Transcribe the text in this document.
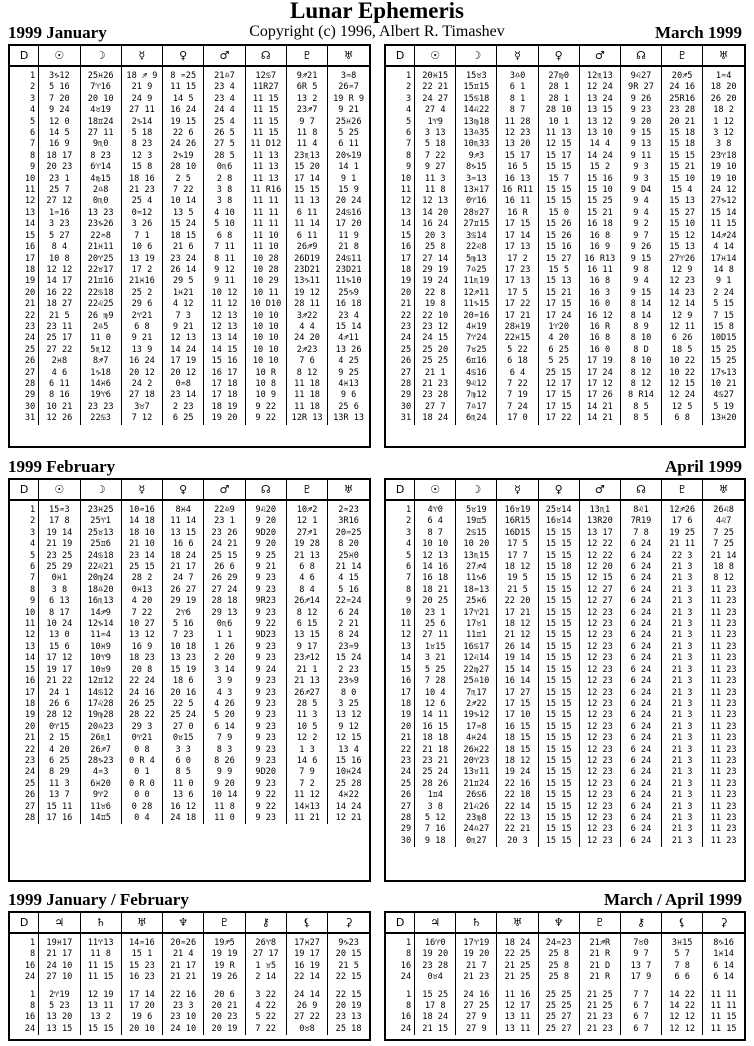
Lunar Ephemeris
Copyright (c) 1996, Albert R. Timashev
1999 January	March 1999
1999 February	April 1999
1999 January / February	March / April 1999
D	☉	☽	☿	♀	♂	☊	♇	♅
1	3♑12	25♓26	18 ♐ 9	8 ♒25	21♎7	12♋7	9♐21	3♒8
2	5 16	7♈16	21 9	11 15	23 4	11R27	6R 5	26♒7
3	7 20	20 10	24 9	14 5	23 4	11 15	13 2	19 R 9
4	9 24	4♉19	27 11	16 24	24 4	11 15	23♐7	9 21
5	12 0	18♊24	2♑14	19 15	25 4	11 15	9 7	25♓26
6	14 5	27 11	5 18	22 6	26 5	11 15	11 8	5 25
7	16 9	9♏0	8 23	24 26	27 5	11 D12	11 4	6 11
8	18 17	8 23	12 3	2♑19	28 5	11 13	23♏13	20♑19
9	20 23	6♈14	15 8	28 10	0♏6	11 13	15 20	14 1
10	23 1	4♍15	18 16	2 5	2 8	11 13	17 14	9 1
11	25 7	2♎8	21 23	7 22	3 8	11 R16	15 15	15 9
12	27 12	0♏0	25 4	10 14	3 8	11 11	11 13	20 24
13	1♒16	13 23	0♒12	13 5	4 10	11 11	6 11	24♋16
14	3 23	23♑26	3 26	15 24	5 10	11 11	11 14	17 20
15	5 27	22♒8	7 1	18 15	6 8	11 10	6 11	11 9
16	8 4	21♓11	10 6	21 6	7 11	11 10	26♐9	21 8
17	10 8	20♈25	13 19	23 24	8 11	10 28	26D19	24♋11
18	12 12	22♉17	17 2	26 14	9 12	10 28	23D21	23D21
19	14 17	21♊16	21♓16	29 5	9 11	10 29	13♑11	11♑10
20	16 22	22♋18	25 2	1♓21	10 12	10 11	19 12	25♑9
21	18 27	22♌25	29 6	4 12	11 12	10 D10	28 11	16 18
22	21 5	26 ♍9	2♈21	7 3	12 13	10 10	3♐22	23 4
23	23 11	2♎5	6 8	9 21	12 13	10 10	4 4	15 14
24	25 17	11 0	9 21	12 13	13 14	10 10	24 20	4♐11
25	27 22	5♏12	13 9	14 24	14 15	10 10	2♐23	13 26
26	2♓8	8♐7	16 24	17 19	15 16	10 10	7 6	4 25
27	4 6	1♑18	20 12	20 12	16 17	10 R	8 12	9 25
28	6 11	14♓6	24 2	0♒8	17 18	10 8	11 18	4♓13
29	8 16	19♈6	27 18	23 14	17 18	10 9	11 18	9 6
30	10 21	23 23	3♉7	2 23	18 19	9 22	11 18	25 6
31	12 26	22♋3	7 12	6 25	19 20	9 22	12R 13	13R 13
D	☉	☽	☿	♀	♂	☊	♇	♅
1	20♓15	15♉3	3♎0	27♍0	12♏13	9♌27	20♐5	1♒4
2	22 21	15♊15	6 1	28 1	12 24	9R 27	24 16	18 20
3	24 27	15♋18	8 1	28 1	13 24	9 26	25R16	26 20
4	27 4	14♌22	8 7	28 10	13 15	9 23	23 28	18 2
5	1♈9	13♍18	11 28	10 1	13 12	9 20	20 21	1 12
6	3 13	13♎35	12 23	11 13	13 10	9 15	15 18	3 12
7	5 18	10♏33	13 20	12 15	14 4	9 13	15 18	3 8
8	7 22	9♐3	15 17	15 17	14 24	9 11	15 15	23♈18
9	9 27	8♑15	16 5	15 15	15 2	9 3	15 21	19 10
10	11 3	3♒13	16 13	15 7	15 16	9 3	15 10	19 10
11	11 8	13♓17	16 R11	15 15	15 10	9 D4	15 4	24 12
12	12 13	0♈16	16 11	15 15	15 25	9 4	15 13	27♑12
13	14 20	28♉27	16 R	15 0	15 21	9 4	15 27	15 14
14	16 24	27♊15	17 15	15 26	16 18	9 2	15 10	11 15
15	20 3	3♋14	17 14	15 26	16 8	9 7	15 12	14♐24
16	25 8	22♌8	17 13	15 16	16 9	9 26	15 13	4 14
17	27 14	5♍13	17 2	15 27	16 R13	9 15	27♈26	17♓14
18	29 19	7♎25	17 23	15 5	16 11	9 8	12 9	14 8
19	19 24	11♏19	17 13	15 13	16 8	9 4	12 23	9 1
20	22 8	12♐11	17 5	15 21	16 3	9 15	14 23	2 24
21	19 8	11♑15	17 22	17 15	16 0	8 14	12 14	5 15
22	22 10	20♒16	17 21	17 24	16 12	8 14	12 9	7 15
23	23 12	4♓19	28♓19	1♈20	16 R	8 9	12 11	15 8
24	24 15	7♈24	22♓15	4 20	16 8	8 10	6 26	10D15
25	25 20	7♉25	5 22	6 25	16 0	8 D	18 5	15 25
26	25 25	6♊16	6 18	5 25	17 19	8 10	10 22	15 25
27	21 1	4♋16	6 4	25 15	17 24	8 12	10 22	17♑13
28	21 23	9♌12	7 22	12 17	17 12	8 12	12 15	10 21
29	23 28	7♍12	7 19	17 15	17 26	8 R14	12 24	4♋27
30	27 7	7♎17	7 24	17 15	14 21	8 5	12 5	5 19
31	18 24	6♏24	17 0	17 22	14 21	8 5	6 8	13♓20
D	☉	☽	☿	♀	♂	☊	♇	♅
1	15♒3	23♓25	10♒16	8♓4	22♎9	9♌20	10♐2	2♒23
2	17 8	25♈1	14 18	11 14	23 1	9 20	12 1	3R16
3	19 14	25♉13	18 10	13 15	23 26	9D20	27♐1	20♒25
4	21 19	25♊6	21 10	16 6	24 21	9 20	19 28	8 20
5	23 25	24♋18	23 14	18 24	25 15	9 25	21 13	25♓0
6	25 29	22♌21	25 15	21 17	26 6	9 21	6 8	21 14
7	0♓1	20♍24	28 2	24 7	26 29	9 23	4 6	4 15
8	3 8	18♎20	0♓13	26 27	27 24	9 23	8 4	5 16
9	6 13	16♏13	4 20	29 19	28 18	9R23	26♐14	22♒24
10	8 17	14♐9	7 22	2♈6	29 13	9 23	8 12	6 24
11	10 24	12♑14	10 27	5 16	0♏6	9 22	6 15	2 21
12	13 0	11♒4	13 12	7 23	1 1	9D23	13 15	8 24
13	15 6	10♓9	16 9	10 18	1 26	9 23	9 17	23♒9
14	17 12	10♈9	18 23	13 23	2 20	9 23	23♐12	15 24
15	19 17	10♉9	20 8	15 19	3 14	9 24	21 1	2 23
16	21 22	12♊12	22 24	18 6	3 9	9 23	21 13	23♑9
17	24 1	14♋12	24 16	20 16	4 3	9 23	26♐27	8 0
18	26 6	17♌28	26 25	22 5	4 26	9 23	28 5	3 25
19	28 12	19♍28	28 22	25 24	5 20	9 23	11 3	13 12
20	0♈15	20♎23	29 3	27 0	6 14	9 23	10 5	9 12
21	2 15	26♏1	0♈21	0♉15	7 9	9 23	12 2	12 15
22	4 20	26♐7	0 8	3 3	8 3	9 23	1 3	13 4
23	6 25	28♑23	0 R 4	6 0	8 26	9 23	14 6	15 16
24	8 29	4♒3	0 1	8 5	9 9	9D20	7 9	10♓24
25	11 3	6♓20	0 R 0	11 0	9 20	9 23	7 2	25 28
26	13 7	9♈2	0 0	13 6	10 14	9 22	11 12	4♓22
27	15 11	11♉6	0 28	16 12	11 8	9 22	14♓13	14 24
28	17 16	14♊5	0 4	24 18	11 0	9 23	11 21	12 21
D	☉	☽	☿	♀	♂	☊	♇	♅
1	4♈0	5♉19	16♉19	25♉14	13♏1	8♌1	12♐26	26♌8
2	6 4	19♊5	16R15	16♉14	13R20	7R19	17 6	4♌7
3	8 7	2♋15	16D15	15 15	13 17	7 8	19 25	7 25
4	10 10	10 20	17 5	15 15	12 22	6 24	21 11	7 25
5	12 13	13♏15	17 7	15 15	12 22	6 24	22 3	21 14
6	14 16	27♐4	18 12	15 18	12 20	6 24	21 3	18 8
7	16 18	11♑6	19 5	15 15	12 15	6 24	21 3	8 12
8	18 21	18♒13	21 5	15 15	12 27	6 24	21 3	11 23
9	20 25	25♓6	22 20	15 15	12 27	6 24	21 3	11 23
10	23 1	17♈21	17 21	15 15	12 23	6 24	21 3	11 23
11	25 6	17♉1	18 12	15 15	12 23	6 24	21 3	11 23
12	27 11	11♊1	21 12	15 15	12 23	6 24	21 3	11 23
13	1♉15	16♋17	26 14	15 15	12 23	6 24	21 3	11 23
14	3 21	12♌14	19 14	15 15	12 23	6 24	21 3	11 23
15	5 25	22♍27	15 14	15 15	12 23	6 24	21 3	11 23
16	7 28	25♎10	16 14	15 15	12 23	6 24	21 3	11 23
17	10 4	7♏17	17 27	15 15	12 23	6 24	21 3	11 23
18	12 6	2♐22	17 15	15 15	12 23	6 24	21 3	11 23
19	14 11	19♑12	17 10	15 15	12 23	6 24	21 3	11 23
20	16 15	17♒8	16 15	15 15	12 23	6 24	21 3	11 23
21	18 18	4♓24	18 15	15 15	12 23	6 24	21 3	11 23
22	21 18	26♓22	18 15	15 15	12 23	6 24	21 3	11 23
23	23 21	20♈23	18 12	15 15	12 23	6 24	21 3	11 23
24	25 24	13♉11	19 24	15 15	12 23	6 24	21 3	11 23
25	28 26	21♊24	22 16	15 15	12 23	6 24	21 3	11 23
26	1♊4	26♋6	22 18	15 15	12 23	6 24	21 3	11 23
27	3 8	21♌26	22 14	15 15	12 23	6 24	21 3	11 23
28	5 12	23♍8	22 13	15 15	12 23	6 24	21 3	11 23
29	7 16	24♎27	22 21	15 15	12 23	6 24	21 3	11 23
30	9 18	0♏27	20 3	15 15	12 23	6 24	21 3	11 23
D	♃	♄	♅	♆	♇	⚷	⚸	⚳
1	19♓17	11♈13	14♒16	20♒26	19♐5	26♈8	17♓27	9♑23
8	21 17	11 8	15 1	21 4	19 19	27 17	19 17	20 15
16	24 10	11 15	15 23	21 17	19 R	1 ♉5	16 19	21 5
24	27 10	11 15	16 23	21 21	19 26	2 14	22 14	22 15

1	2♈19	12 19	17 14	22 16	20 6	3 22	24 14	22 15
8	5 23	13 11	17 20	23 3	20 21	4 22	26 9	20 19
16	13 20	13 2	19 6	23 10	20 23	5 22	27 22	23 13
24	13 15	15 15	20 10	24 10	20 19	7 22	0♉8	25 18
D	♃	♄	♅	♆	♇	⚷	⚸	⚳
1	16♈0	17♈19	18 24	24♒23	21♐R	7♉0	3♓15	8♑16
8	19 20	19 20	22 25	25 8	21 R	9 7	5 7	1♓14
16	23 28	21 7	21 25	25 8	21 D	13 7	7 8	6 14
24	0♉4	21 23	21 25	25 8	21 R	17 9	6 6	6 14

1	15 25	24 16	11 16	25 25	21 25	7 7	14 22	11 11
8	17 8	27 25	12 17	25 25	21 25	6 7	14 22	11 11
16	18 24	27 9	13 11	25 27	21 23	6 7	12 12	11 15
24	21 15	27 9	13 11	25 27	21 23	6 7	12 12	11 15
